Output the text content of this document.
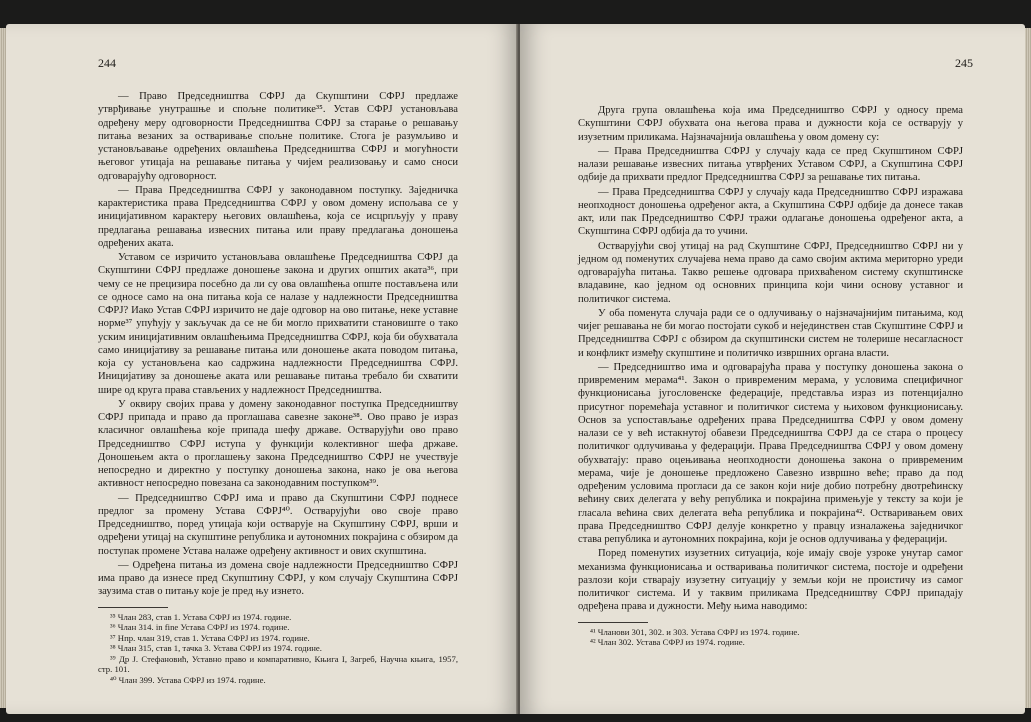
244

— Право Председништва СФРЈ да Скупштини СФРЈ предлаже утврђивање унутрашње и спољне политике³⁵. Устав СФРЈ установљава одређену меру одговорности Председништва СФРЈ за старање о решавању питања везаних за остваривање спољне политике. Стога је разумљиво и установљавање одређених овлашћења Председништва СФРЈ и могућности његовог утицаја на решавање питања у чијем реализовању и само сноси одговарајућу одговорност.

— Права Председништва СФРЈ у законодавном поступку. Заједничка карактеристика права Председништва СФРЈ у овом домену испољава се у иницијативном карактеру његових овлашћења, која се исцрпљују у праву предлагања решавања извесних питања или праву предлагања доношења одређених аката.

Уставом се изричито установљава овлашћење Председништва СФРЈ да Скупштини СФРЈ предлаже доношење закона и других општих аката³⁶, при чему се не прецизира посебно да ли су ова овлашћења опште постављена или се односе само на она питања која се налазе у надлежности Председништва СФРЈ? Иако Устав СФРЈ изричито не даје одговор на ово питање, неке уставне норме³⁷ упућују у закључак да се не би могло прихватити становиште о тако уским иницијативним овлашћењима Председништва СФРЈ, која би обухватала само иницијативу за решавање питања или доношење аката поводом питања, која су установљена као садржина надлежности Председништва СФРЈ. Иницијативу за доношење аката или решавање питања требало би схватити шире од круга права стављених у надлежност Председништва.

У оквиру својих права у домену законодавног поступка Председништву СФРЈ припада и право да проглашава савезне законе³⁸. Ово право је израз класичног овлашћења које припада шефу државе. Остварујући ово право Председништво СФРЈ иступа у функцији колективног шефа државе. Доношењем акта о проглашењу закона Председништво СФРЈ не учествује непосредно и директно у поступку доношења закона, нако је ова његова активност непосредно повезана са законодавним поступком³⁹.

— Председништво СФРЈ има и право да Скупштини СФРЈ поднесе предлог за промену Устава СФРЈ⁴⁰. Остварујући ово своје право Председништво, поред утицаја који остварује на Скупштину СФРЈ, врши и одређени утицај на скупштине република и аутономних покрајина с обзиром да поступак промене Устава налаже одређену активност и ових скупштина.

— Одређена питања из домена своје надлежности Председништво СФРЈ има право да изнесе пред Скупштину СФРЈ, у ком случају Скупштина СФРЈ заузима став о питању које је пред њу изнето.

³⁵ Члан 283, став 1. Устава СФРЈ из 1974. године.
³⁶ Члан 314. in fine Устава СФРЈ из 1974. године.
³⁷ Нпр. члан 319, став 1. Устава СФРЈ из 1974. године.
³⁸ Члан 315, став 1, тачка 3. Устава СФРЈ из 1974. године.
³⁹ Др Ј. Стефановић, Уставно право и компаративно, Књига I, Загреб, Научна књига, 1957, стр. 101.
⁴⁰ Члан 399. Устава СФРЈ из 1974. године.
245

Друга група овлашћења која има Председништво СФРЈ у односу према Скупштини СФРЈ обухвата она његова права и дужности која се остварују у изузетним приликама. Најзначајнија овлашћења у овом домену су:

— Права Председништва СФРЈ у случају када се пред Скупштином СФРЈ налази решавање извесних питања утврђених Уставом СФРЈ, а Скупштина СФРЈ одбије да прихвати предлог Председништва СФРЈ за решавање тих питања.

— Права Председништва СФРЈ у случају када Председништво СФРЈ изражава неопходност доношења одређеног акта, а Скупштина СФРЈ одбије да донесе такав акт, или пак Председништво СФРЈ тражи одлагање доношења одређеног акта, а Скупштина СФРЈ одбија да то учини.

Остварујући свој утицај на рад Скупштине СФРЈ, Председништво СФРЈ ни у једном од поменутих случајева нема право да само својим актима мериторно уреди одговарајућа питања. Такво решење одговара прихваћеном систему скупштинске владавине, као једном од основних принципа који чини основу уставног и политичког система.

У оба поменута случаја ради се о одлучивању о најзначајнијим питањима, код чијег решавања не би могао постојати сукоб и нејединствен став Скупштине СФРЈ и Председништва СФРЈ с обзиром да скупштински систем не толерише несагласност и конфликт између скупштине и политичко извршних органа власти.

— Председништво има и одговарајућа права у поступку доношења закона о привременим мерама⁴¹. Закон о привременим мерама, у условима специфичног функционисања југословенске федерације, представља израз из потенцијално присутног поремећаја уставног и политичког система у њиховом функционисању. Основ за успостављање одређених права Председништва СФРЈ у овом домену налази се у већ истакнутој обавези Председништва СФРЈ да се стара о процесу политичког одлучивања у федерацији. Права Председништва СФРЈ у овом домену обухватају: право оцењивања неопходности доношења закона о привременим мерама, чије је доношење предложено Савезно извршно веће; право да под одређеним условима прогласи да се закон који није добио потребну двотрећинску већину свих делегата у већу република и покрајина примењује у тексту за који је гласала већина свих делегата већа република и покрајина⁴². Остваривањем ових права Председништво СФРЈ делује конкретно у правцу изналажења заједничког става република и аутономних покрајина, који је основ одлучивања у федерацији.

Поред поменутих изузетних ситуација, које имају своје узроке унутар самог механизма функционисања и остваривања политичког система, постоје и одређени разлози који стварају изузетну ситуацију у земљи који не проистичу из самог политичког система. И у таквим приликама Председништву СФРЈ припадају одређена права и дужности. Међу њима наводимо:

⁴¹ Чланови 301, 302. и 303. Устава СФРЈ из 1974. године.
⁴² Члан 302. Устава СФРЈ из 1974. године.
